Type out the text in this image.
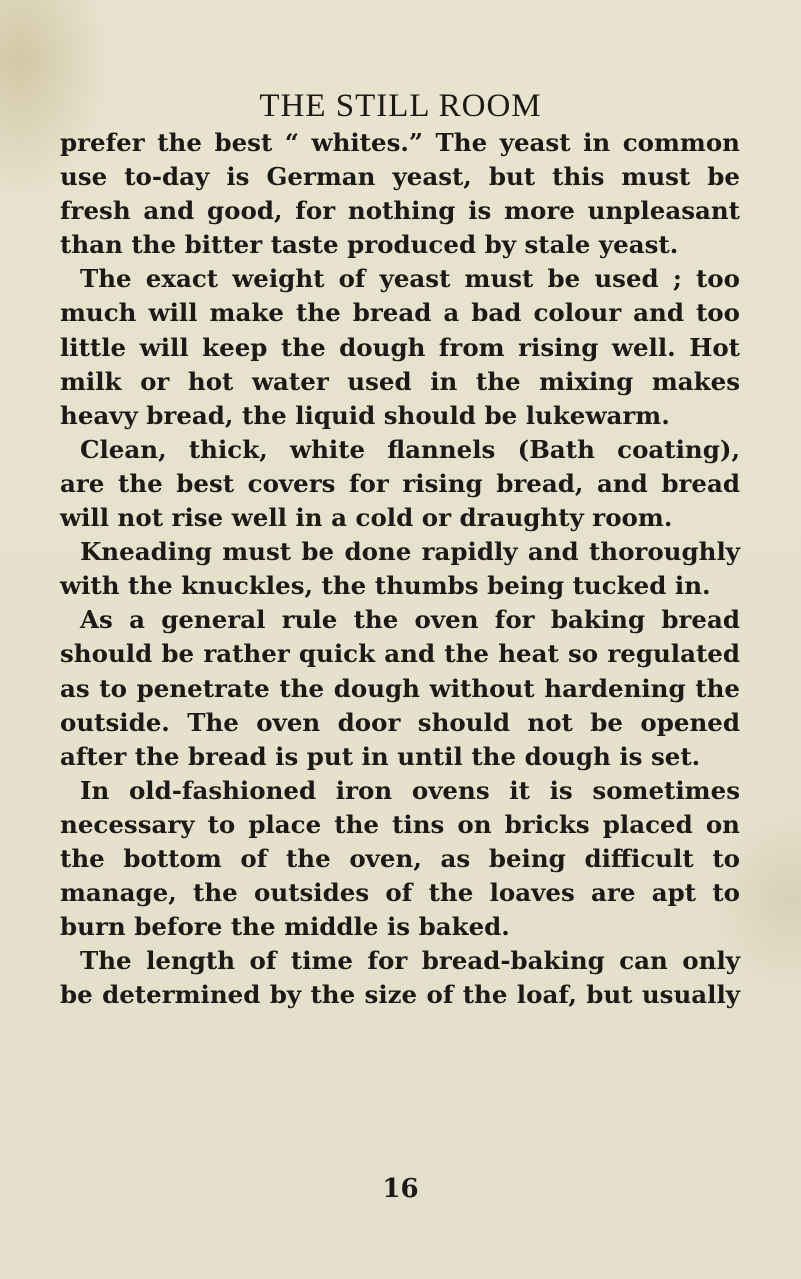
THE STILL ROOM
prefer the best “ whites.” The yeast in common
use to-day is German yeast, but this must be
fresh and good, for nothing is more unpleasant
than the bitter taste produced by stale yeast.
The exact weight of yeast must be used ; too
much will make the bread a bad colour and too
little will keep the dough from rising well. Hot
milk or hot water used in the mixing makes
heavy bread, the liquid should be lukewarm.
Clean, thick, white flannels (Bath coating),
are the best covers for rising bread, and bread
will not rise well in a cold or draughty room.
Kneading must be done rapidly and thoroughly
with the knuckles, the thumbs being tucked in.
As a general rule the oven for baking bread
should be rather quick and the heat so regulated
as to penetrate the dough without hardening the
outside. The oven door should not be opened
after the bread is put in until the dough is set.
In old-fashioned iron ovens it is sometimes
necessary to place the tins on bricks placed on
the bottom of the oven, as being difficult to
manage, the outsides of the loaves are apt to
burn before the middle is baked.
The length of time for bread-baking can only
be determined by the size of the loaf, but usually
16
